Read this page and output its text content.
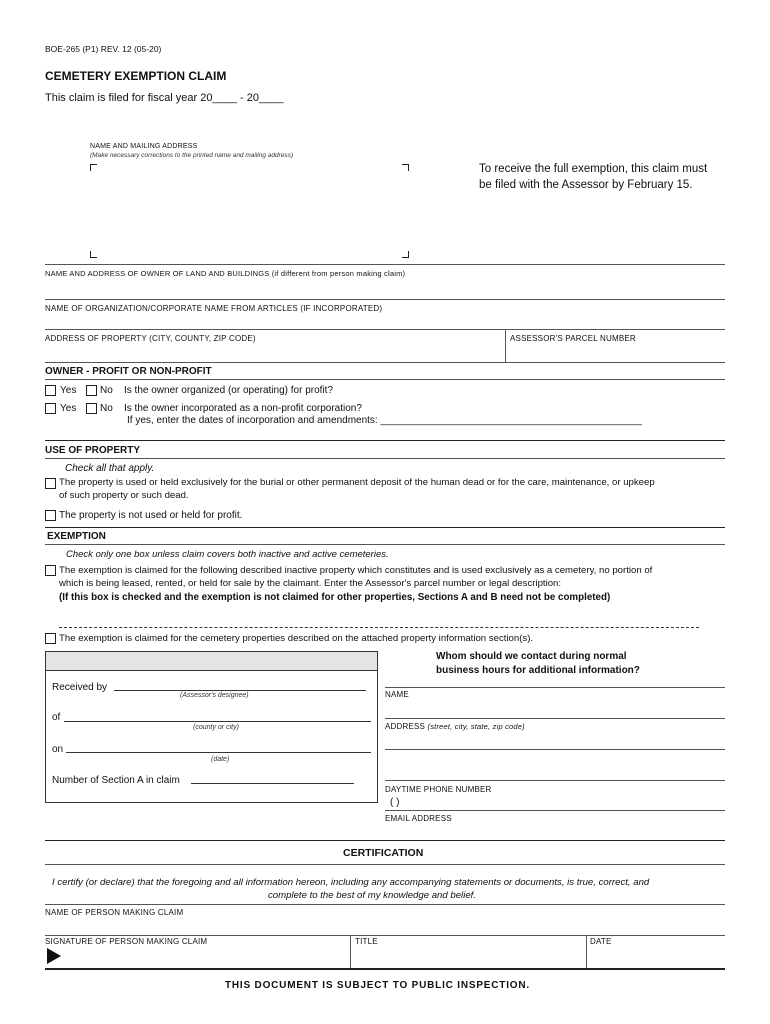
BOE-265 (P1) REV. 12 (05-20)
CEMETERY EXEMPTION CLAIM
This claim is filed for fiscal year 20____ - 20____
NAME AND MAILING ADDRESS
(Make necessary corrections to the printed name and mailing address)
To receive the full exemption, this claim must
be filed with the Assessor by February 15.
NAME AND ADDRESS OF OWNER OF LAND AND BUILDINGS (if different from person making claim)
NAME OF ORGANIZATION/CORPORATE NAME FROM ARTICLES (IF INCORPORATED)
ADDRESS OF PROPERTY (CITY, COUNTY, ZIP CODE)	ASSESSOR'S PARCEL NUMBER
OWNER - PROFIT OR NON-PROFIT
Yes No Is the owner organized (or operating) for profit?
Yes No Is the owner incorporated as a non-profit corporation?
If yes, enter the dates of incorporation and amendments: _______________________________________________
USE OF PROPERTY
Check all that apply.
The property is used or held exclusively for the burial or other permanent deposit of the human dead or for the care, maintenance, or upkeep
of such property or such dead.
The property is not used or held for profit.
EXEMPTION
Check only one box unless claim covers both inactive and active cemeteries.
The exemption is claimed for the following described inactive property which constitutes and is used exclusively as a cemetery, no portion of
which is being leased, rented, or held for sale by the claimant. Enter the Assessor's parcel number or legal description:
(If this box is checked and the exemption is not claimed for other properties, Sections A and B need not be completed)
The exemption is claimed for the cemetery properties described on the attached property information section(s).
Received by
(Assessor's designee)
of
(county or city)
on
(date)
Number of Section A in claim
Whom should we contact during normal
business hours for additional information?
NAME
ADDRESS (street, city, state, zip code)
DAYTIME PHONE NUMBER
( )
EMAIL ADDRESS
CERTIFICATION
I certify (or declare) that the foregoing and all information hereon, including any accompanying statements or documents, is true, correct, and
complete to the best of my knowledge and belief.
NAME OF PERSON MAKING CLAIM
SIGNATURE OF PERSON MAKING CLAIM	TITLE	DATE
THIS DOCUMENT IS SUBJECT TO PUBLIC INSPECTION.
